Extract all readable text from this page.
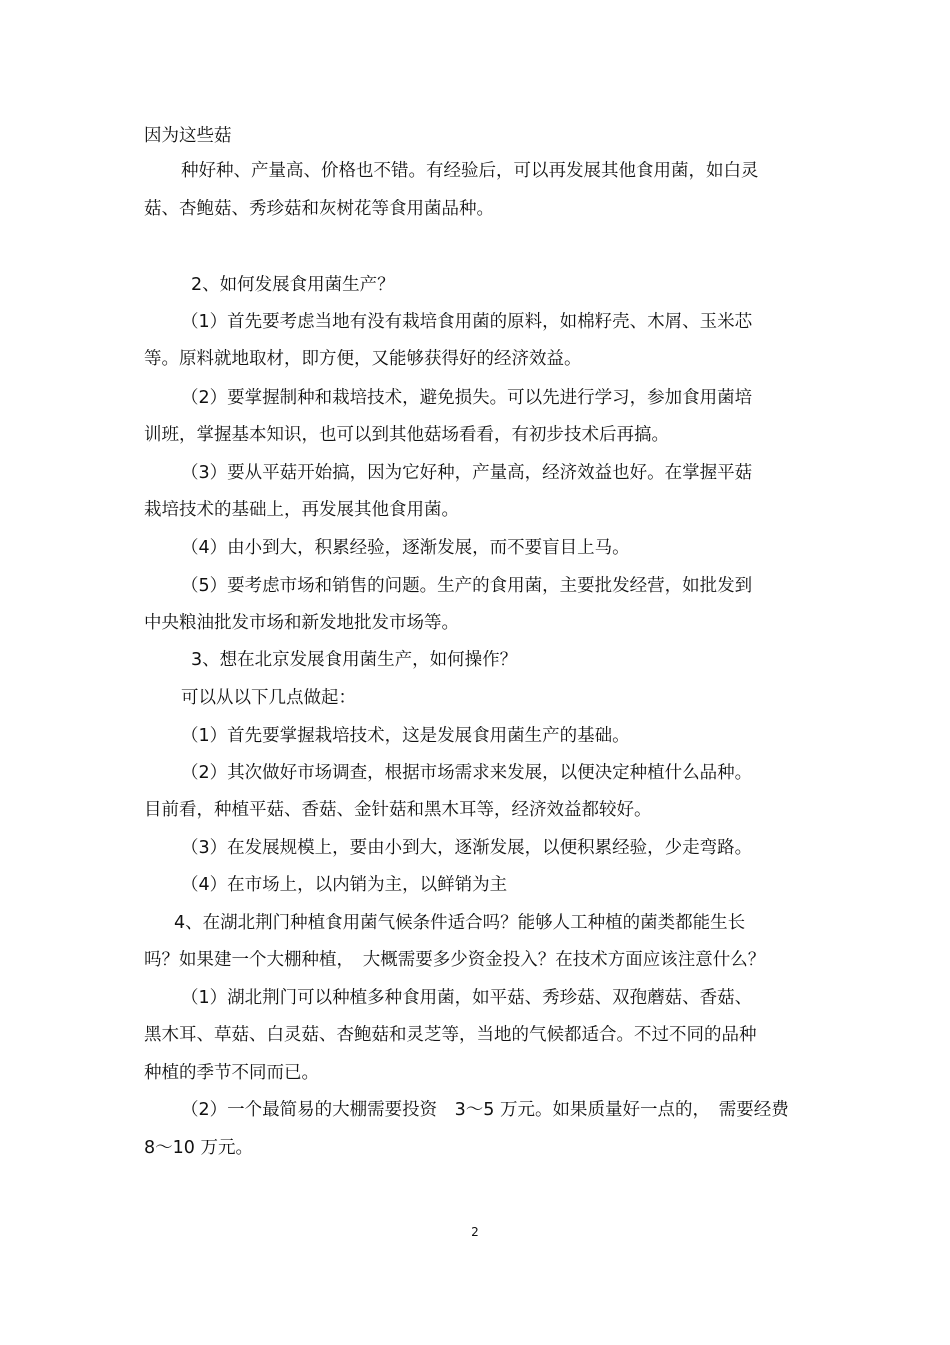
因为这些菇
种好种、产量高、价格也不错。有经验后，可以再发展其他食用菌，如白灵
菇、杏鲍菇、秀珍菇和灰树花等食用菌品种。
2、如何发展食用菌生产？
（1）首先要考虑当地有没有栽培食用菌的原料，如棉籽壳、木屑、玉米芯
等。原料就地取材，即方便，又能够获得好的经济效益。
（2）要掌握制种和栽培技术，避免损失。可以先进行学习，参加食用菌培
训班，掌握基本知识，也可以到其他菇场看看，有初步技术后再搞。
（3）要从平菇开始搞，因为它好种，产量高，经济效益也好。在掌握平菇
栽培技术的基础上，再发展其他食用菌。
（4）由小到大，积累经验，逐渐发展，而不要盲目上马。
（5）要考虑市场和销售的问题。生产的食用菌，主要批发经营，如批发到
中央粮油批发市场和新发地批发市场等。
3、想在北京发展食用菌生产，如何操作？
可以从以下几点做起：
（1）首先要掌握栽培技术，这是发展食用菌生产的基础。
（2）其次做好市场调查，根据市场需求来发展，以便决定种植什么品种。
目前看，种植平菇、香菇、金针菇和黑木耳等，经济效益都较好。
（3）在发展规模上，要由小到大，逐渐发展，以便积累经验，少走弯路。
（4）在市场上，以内销为主，以鲜销为主
4、在湖北荆门种植食用菌气候条件适合吗？能够人工种植的菌类都能生长
吗？如果建一个大棚种植，　大概需要多少资金投入？在技术方面应该注意什么？
（1）湖北荆门可以种植多种食用菌，如平菇、秀珍菇、双孢蘑菇、香菇、
黑木耳、草菇、白灵菇、杏鲍菇和灵芝等，当地的气候都适合。不过不同的品种
种植的季节不同而已。
（2）一个最简易的大棚需要投资　3～5 万元。如果质量好一点的，　需要经费
8～10 万元。
2
